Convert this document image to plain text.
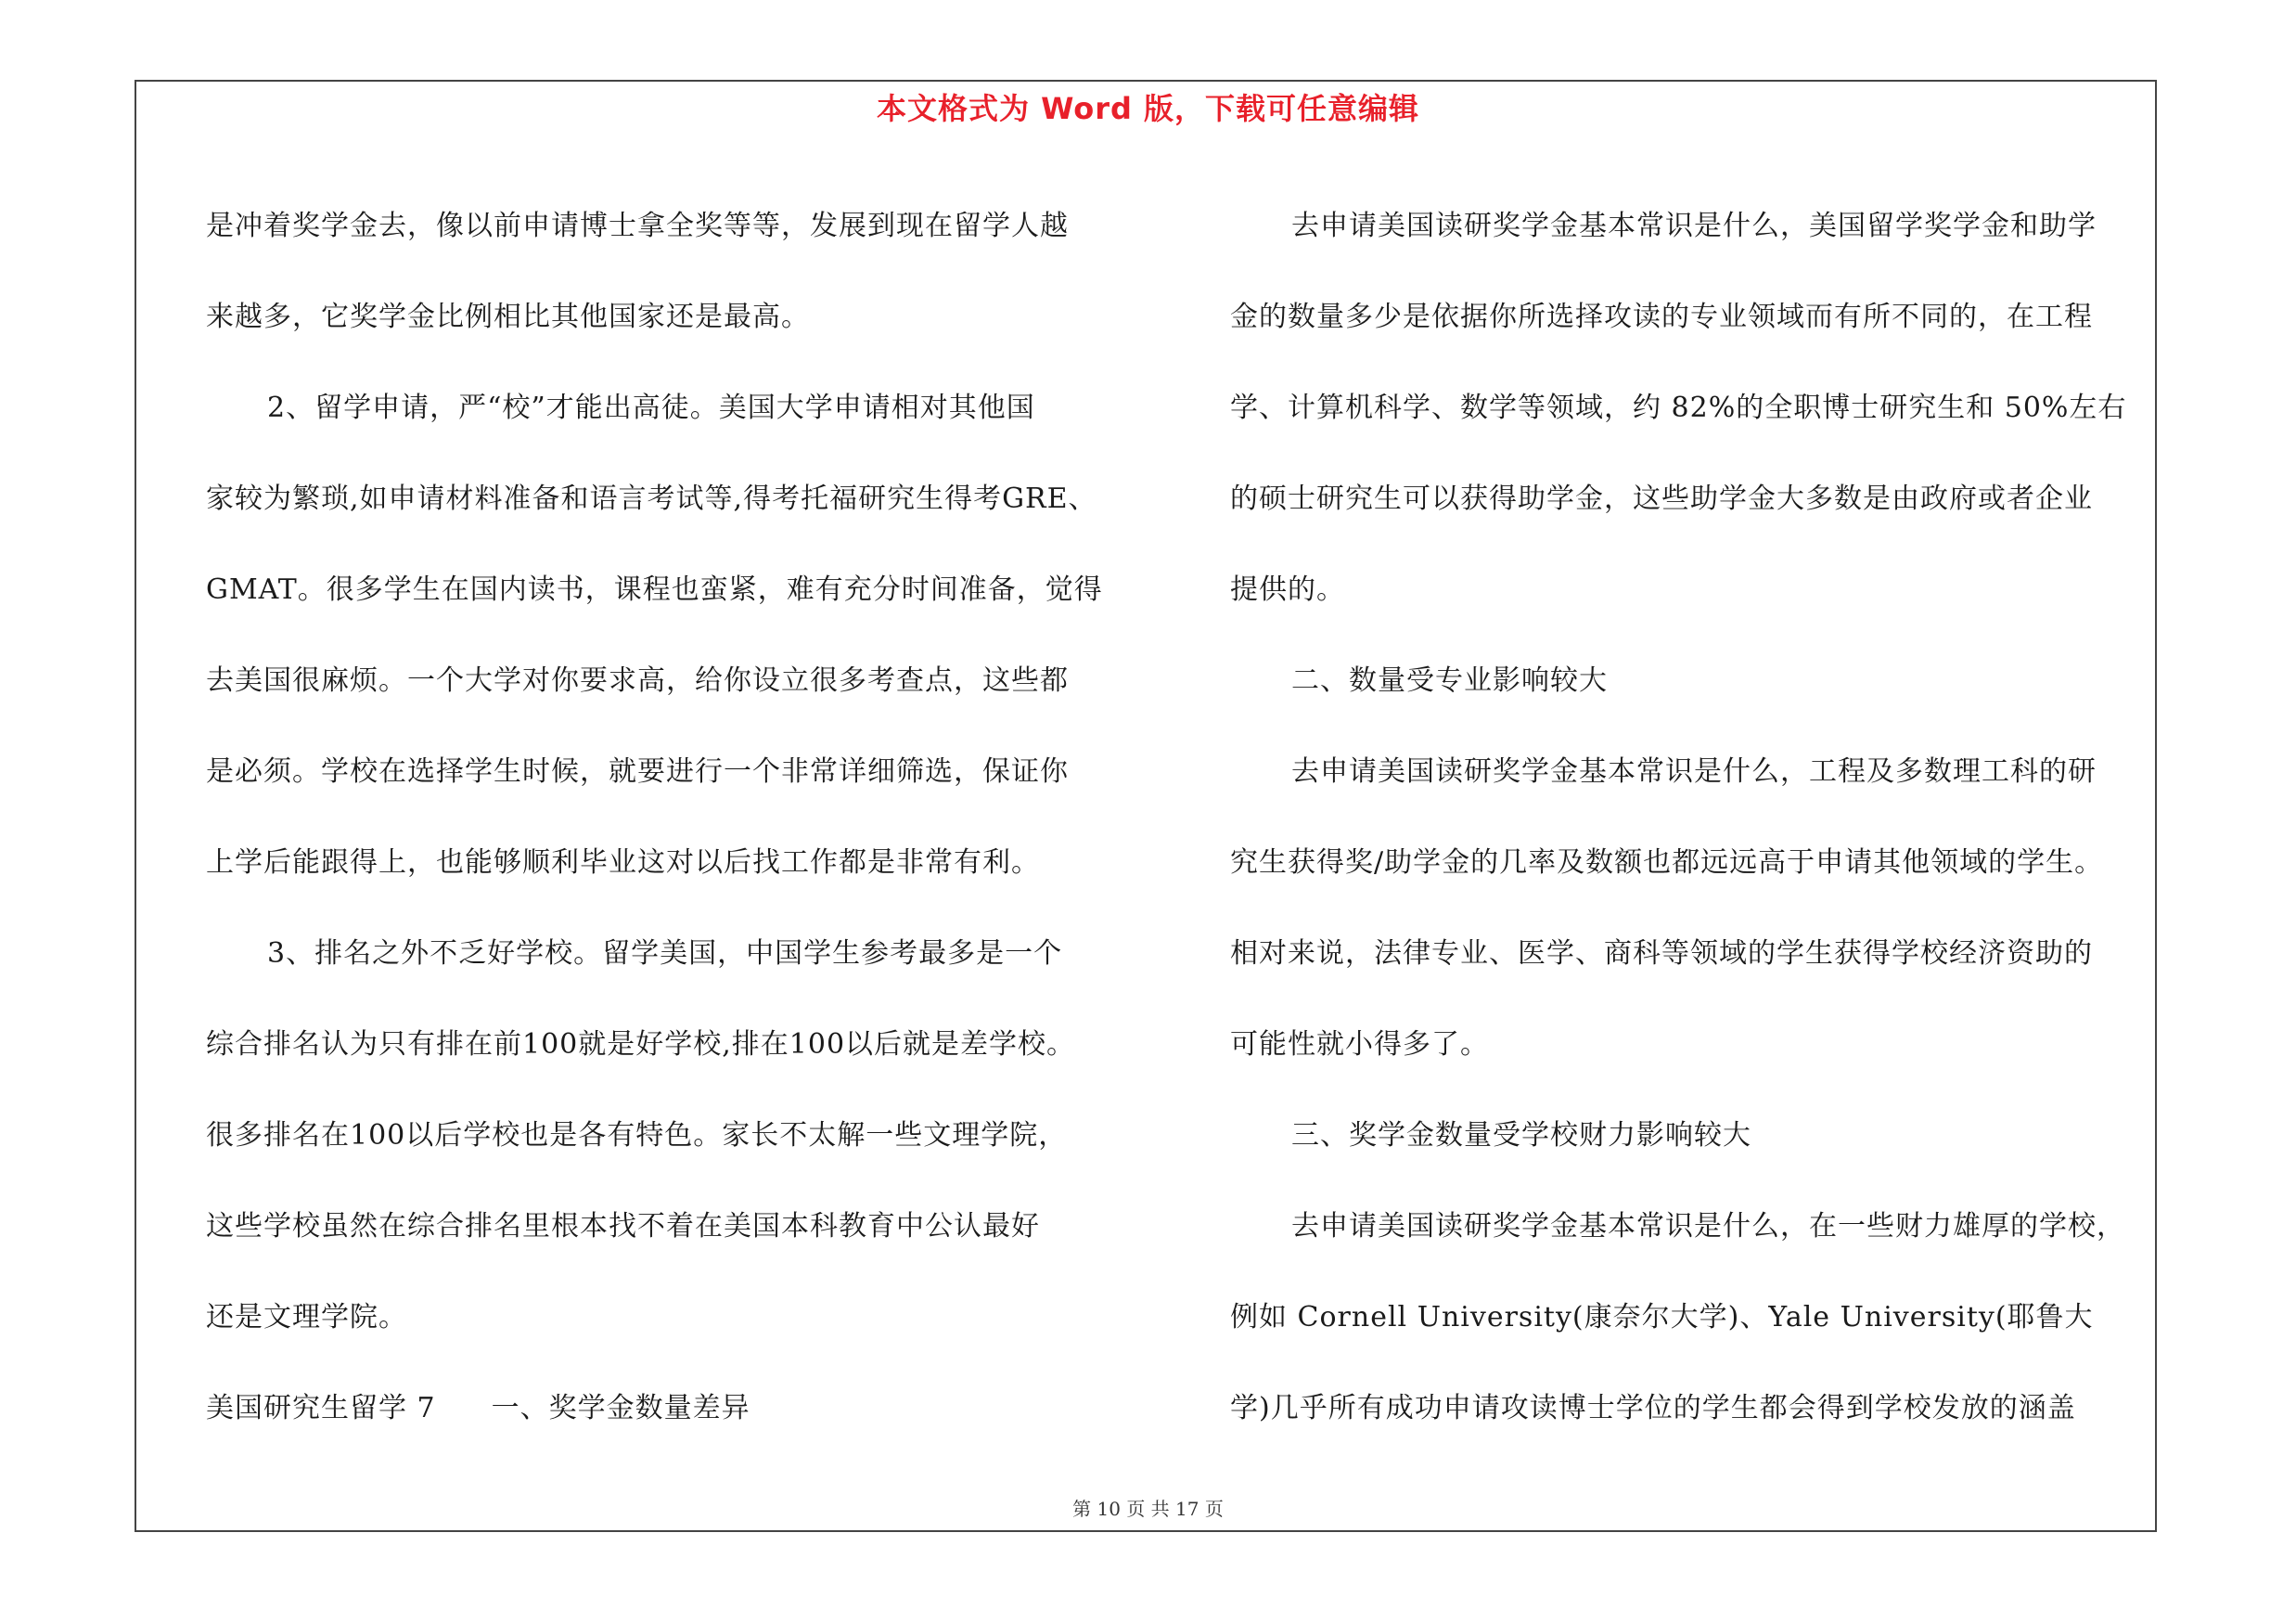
本文格式为 Word 版，下载可任意编辑
是冲着奖学金去，像以前申请博士拿全奖等等，发展到现在留学人越
来越多，它奖学金比例相比其他国家还是最高。
2、留学申请，严“校”才能出高徒。美国大学申请相对其他国
家较为繁琐,如申请材料准备和语言考试等,得考托福研究生得考GRE、
GMAT。很多学生在国内读书，课程也蛮紧，难有充分时间准备，觉得
去美国很麻烦。一个大学对你要求高，给你设立很多考查点，这些都
是必须。学校在选择学生时候，就要进行一个非常详细筛选，保证你
上学后能跟得上，也能够顺利毕业这对以后找工作都是非常有利。
3、排名之外不乏好学校。留学美国，中国学生参考最多是一个
综合排名认为只有排在前100就是好学校,排在100以后就是差学校。
很多排名在100以后学校也是各有特色。家长不太解一些文理学院，
这些学校虽然在综合排名里根本找不着在美国本科教育中公认最好
还是文理学院。
美国研究生留学 7 一、奖学金数量差异
去申请美国读研奖学金基本常识是什么，美国留学奖学金和助学
金的数量多少是依据你所选择攻读的专业领域而有所不同的，在工程
学、计算机科学、数学等领域，约 82%的全职博士研究生和 50%左右
的硕士研究生可以获得助学金，这些助学金大多数是由政府或者企业
提供的。
二、数量受专业影响较大
去申请美国读研奖学金基本常识是什么，工程及多数理工科的研
究生获得奖/助学金的几率及数额也都远远高于申请其他领域的学生。
相对来说，法律专业、医学、商科等领域的学生获得学校经济资助的
可能性就小得多了。
三、奖学金数量受学校财力影响较大
去申请美国读研奖学金基本常识是什么，在一些财力雄厚的学校，
例如 Cornell University(康奈尔大学)、Yale University(耶鲁大
学)几乎所有成功申请攻读博士学位的学生都会得到学校发放的涵盖
第 10 页 共 17 页
